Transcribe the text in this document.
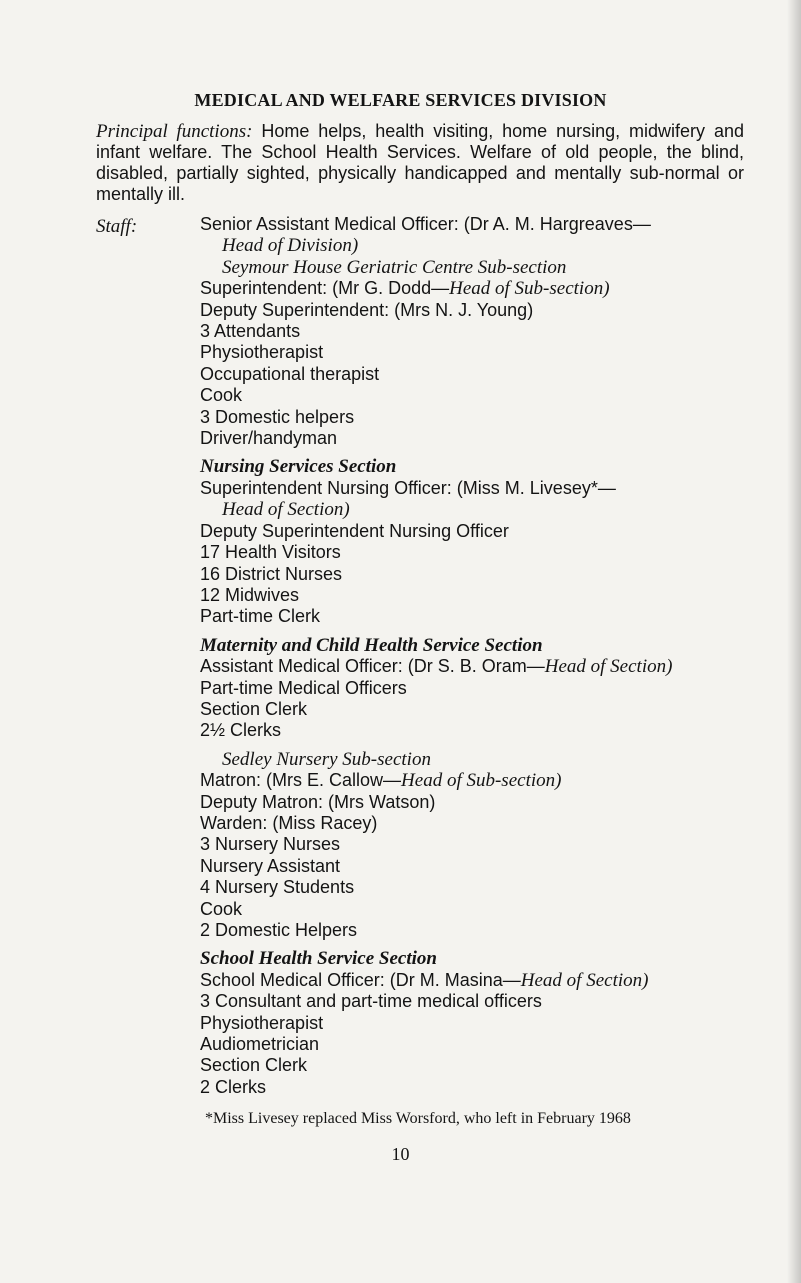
MEDICAL AND WELFARE SERVICES DIVISION
Principal functions: Home helps, health visiting, home nursing, midwifery and infant welfare. The School Health Services. Welfare of old people, the blind, disabled, partially sighted, physically handicapped and mentally sub-normal or mentally ill.
Staff:	Senior Assistant Medical Officer: (Dr A. M. Hargreaves—
Head of Division)
Seymour House Geriatric Centre Sub-section
Superintendent: (Mr G. Dodd—Head of Sub-section)
Deputy Superintendent: (Mrs N. J. Young)
3 Attendants
Physiotherapist
Occupational therapist
Cook
3 Domestic helpers
Driver/handyman
Nursing Services Section
Superintendent Nursing Officer: (Miss M. Livesey*—
Head of Section)
Deputy Superintendent Nursing Officer
17 Health Visitors
16 District Nurses
12 Midwives
Part-time Clerk
Maternity and Child Health Service Section
Assistant Medical Officer: (Dr S. B. Oram—Head of Section)
Part-time Medical Officers
Section Clerk
2½ Clerks
Sedley Nursery Sub-section
Matron: (Mrs E. Callow—Head of Sub-section)
Deputy Matron: (Mrs Watson)
Warden: (Miss Racey)
3 Nursery Nurses
Nursery Assistant
4 Nursery Students
Cook
2 Domestic Helpers
School Health Service Section
School Medical Officer: (Dr M. Masina—Head of Section)
3 Consultant and part-time medical officers
Physiotherapist
Audiometrician
Section Clerk
2 Clerks
*Miss Livesey replaced Miss Worsford, who left in February 1968
10
